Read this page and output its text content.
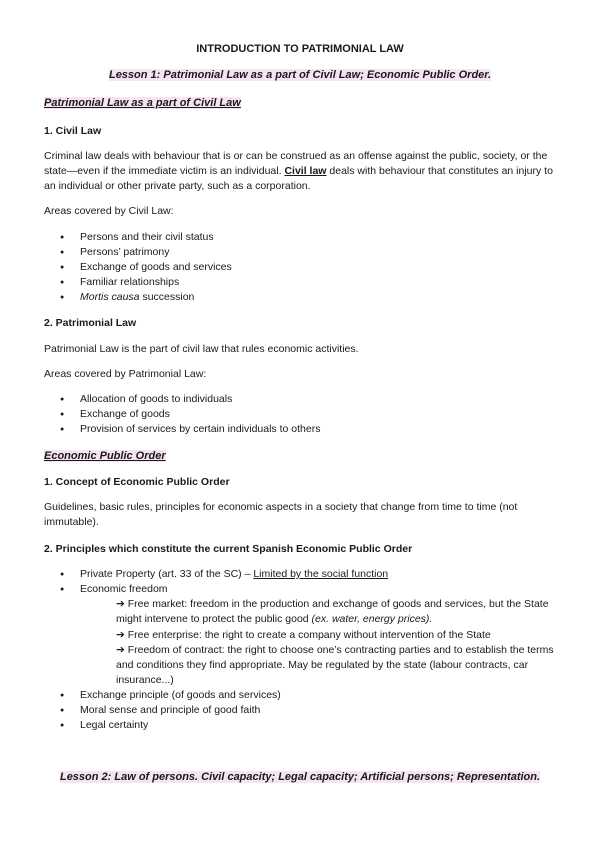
INTRODUCTION TO PATRIMONIAL LAW
Lesson 1: Patrimonial Law as a part of Civil Law; Economic Public Order.
Patrimonial Law as a part of Civil Law
1. Civil Law
Criminal law deals with behaviour that is or can be construed as an offense against the public, society, or the state—even if the immediate victim is an individual. Civil law deals with behaviour that constitutes an injury to an individual or other private party, such as a corporation.
Areas covered by Civil Law:
● Persons and their civil status
● Persons’ patrimony
● Exchange of goods and services
● Familiar relationships
● Mortis causa succession
2. Patrimonial Law
Patrimonial Law is the part of civil law that rules economic activities.
Areas covered by Patrimonial Law:
● Allocation of goods to individuals
● Exchange of goods
● Provision of services by certain individuals to others
Economic Public Order
1. Concept of Economic Public Order
Guidelines, basic rules, principles for economic aspects in a society that change from time to time (not immutable).
2. Principles which constitute the current Spanish Economic Public Order
● Private Property (art. 33 of the SC) – Limited by the social function
● Economic freedom
➔ Free market: freedom in the production and exchange of goods and services, but the State might intervene to protect the public good (ex. water, energy prices).
➔ Free enterprise: the right to create a company without intervention of the State
➔ Freedom of contract: the right to choose one’s contracting parties and to establish the terms and conditions they find appropriate. May be regulated by the state (labour contracts, car insurance...)
● Exchange principle (of goods and services)
● Moral sense and principle of good faith
● Legal certainty
Lesson 2: Law of persons. Civil capacity; Legal capacity; Artificial persons; Representation.
